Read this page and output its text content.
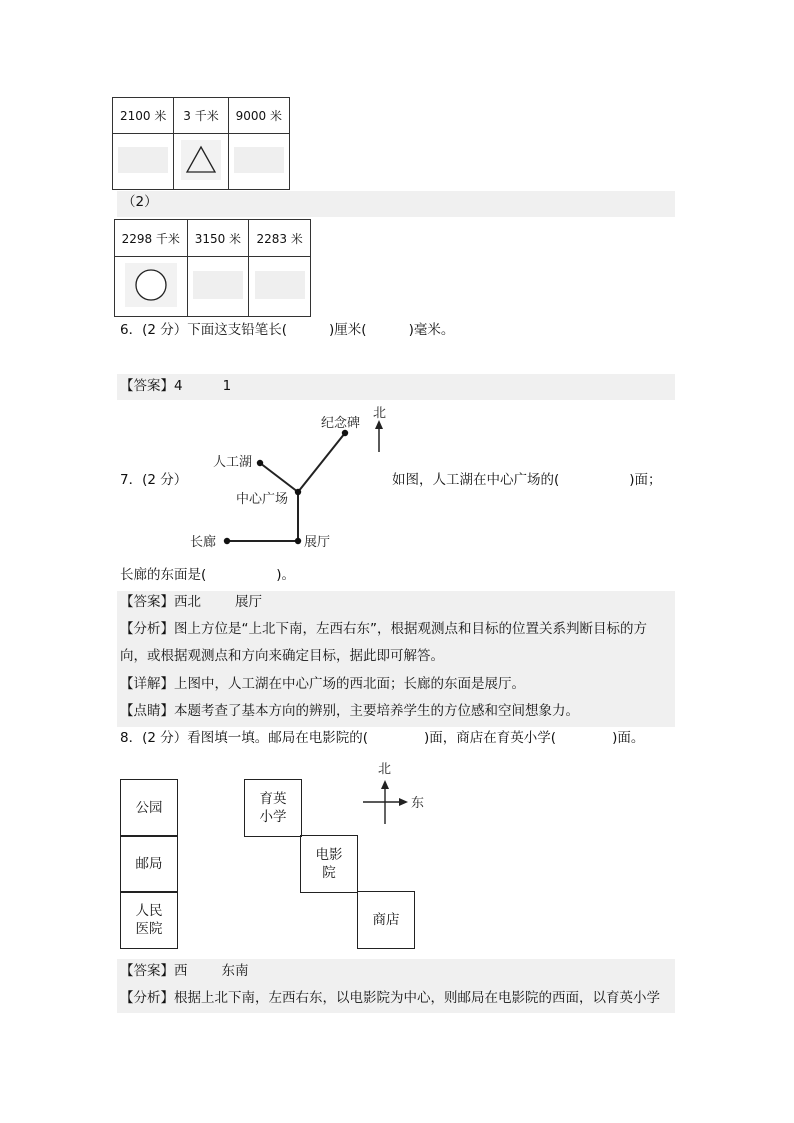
2100 米	3 千米	9000 米

（2）
2298 千米	3150 米	2283 米

6．(2 分）下面这支铅笔长(	)厘米(	)毫米。
【答案】4	1
北
纪念碑
人工湖
中心广场
长廊	展厅
7．(2 分）	如图，人工湖在中心广场的(	)面；
长廊的东面是(	)。
【答案】西北	展厅
【分析】图上方位是“上北下南，左西右东”，根据观测点和目标的位置关系判断目标的方
向，或根据观测点和方向来确定目标，据此即可解答。
【详解】上图中，人工湖在中心广场的西北面；长廊的东面是展厅。
【点睛】本题考查了基本方向的辨别，主要培养学生的方位感和空间想象力。
8．(2 分）看图填一填。邮局在电影院的(	)面，商店在育英小学(	)面。
公园
邮局
人民
医院
育英
小学
电影
院
商店
北
东
【答案】西	东南
【分析】根据上北下南，左西右东，以电影院为中心，则邮局在电影院的西面，以育英小学
